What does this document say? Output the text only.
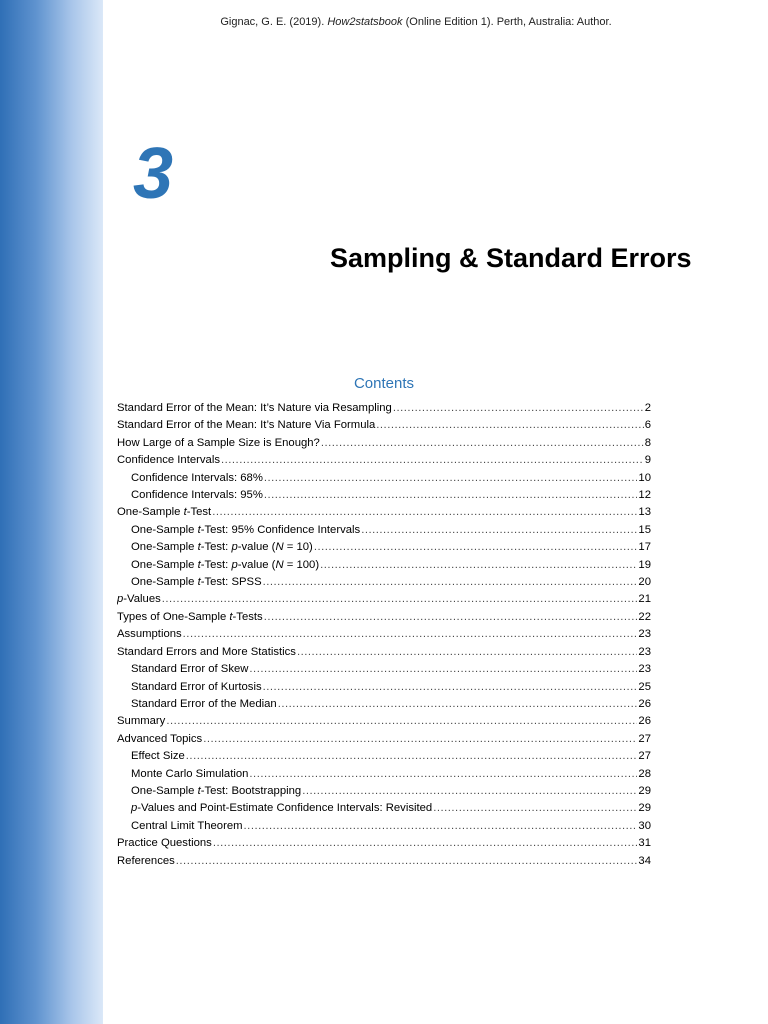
Gignac, G. E. (2019). How2statsbook (Online Edition 1). Perth, Australia: Author.
3
Sampling & Standard Errors
Contents
Standard Error of the Mean: It’s Nature via Resampling .....	2
Standard Error of the Mean: It’s Nature Via Formula .....	6
How Large of a Sample Size is Enough? .....	8
Confidence Intervals .....	9
Confidence Intervals: 68% .....	10
Confidence Intervals: 95% .....	12
One-Sample t-Test .....	13
One-Sample t-Test: 95% Confidence Intervals .....	15
One-Sample t-Test: p-value (N = 10) .....	17
One-Sample t-Test: p-value (N = 100) .....	19
One-Sample t-Test: SPSS .....	20
p-Values .....	21
Types of One-Sample t-Tests .....	22
Assumptions .....	23
Standard Errors and More Statistics .....	23
Standard Error of Skew .....	23
Standard Error of Kurtosis .....	25
Standard Error of the Median .....	26
Summary .....	26
Advanced Topics .....	27
Effect Size .....	27
Monte Carlo Simulation .....	28
One-Sample t-Test: Bootstrapping .....	29
p-Values and Point-Estimate Confidence Intervals: Revisited .....	29
Central Limit Theorem .....	30
Practice Questions .....	31
References .....	34
